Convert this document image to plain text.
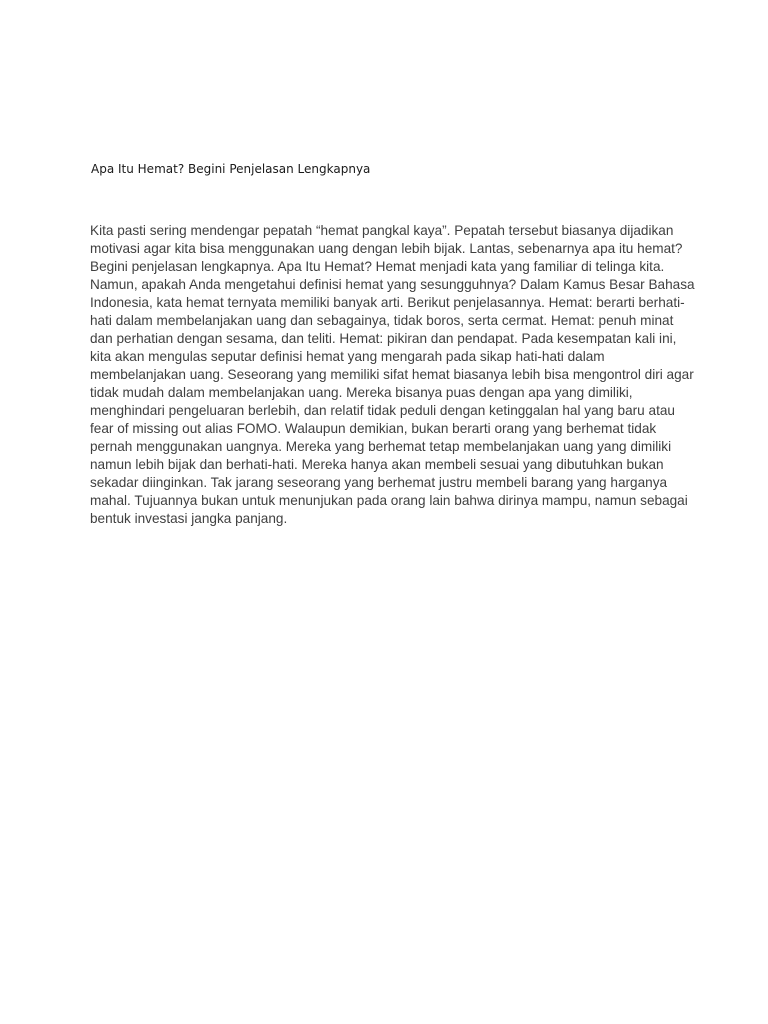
Apa Itu Hemat? Begini Penjelasan Lengkapnya

Kita pasti sering mendengar pepatah “hemat pangkal kaya”. Pepatah tersebut biasanya dijadikan
motivasi agar kita bisa menggunakan uang dengan lebih bijak. Lantas, sebenarnya apa itu hemat?
Begini penjelasan lengkapnya. Apa Itu Hemat? Hemat menjadi kata yang familiar di telinga kita.
Namun, apakah Anda mengetahui definisi hemat yang sesungguhnya? Dalam Kamus Besar Bahasa
Indonesia, kata hemat ternyata memiliki banyak arti. Berikut penjelasannya. Hemat: berarti berhati-
hati dalam membelanjakan uang dan sebagainya, tidak boros, serta cermat. Hemat: penuh minat
dan perhatian dengan sesama, dan teliti. Hemat: pikiran dan pendapat. Pada kesempatan kali ini,
kita akan mengulas seputar definisi hemat yang mengarah pada sikap hati-hati dalam
membelanjakan uang. Seseorang yang memiliki sifat hemat biasanya lebih bisa mengontrol diri agar
tidak mudah dalam membelanjakan uang. Mereka bisanya puas dengan apa yang dimiliki,
menghindari pengeluaran berlebih, dan relatif tidak peduli dengan ketinggalan hal yang baru atau
fear of missing out alias FOMO. Walaupun demikian, bukan berarti orang yang berhemat tidak
pernah menggunakan uangnya. Mereka yang berhemat tetap membelanjakan uang yang dimiliki
namun lebih bijak dan berhati-hati. Mereka hanya akan membeli sesuai yang dibutuhkan bukan
sekadar diinginkan. Tak jarang seseorang yang berhemat justru membeli barang yang harganya
mahal. Tujuannya bukan untuk menunjukan pada orang lain bahwa dirinya mampu, namun sebagai
bentuk investasi jangka panjang.
